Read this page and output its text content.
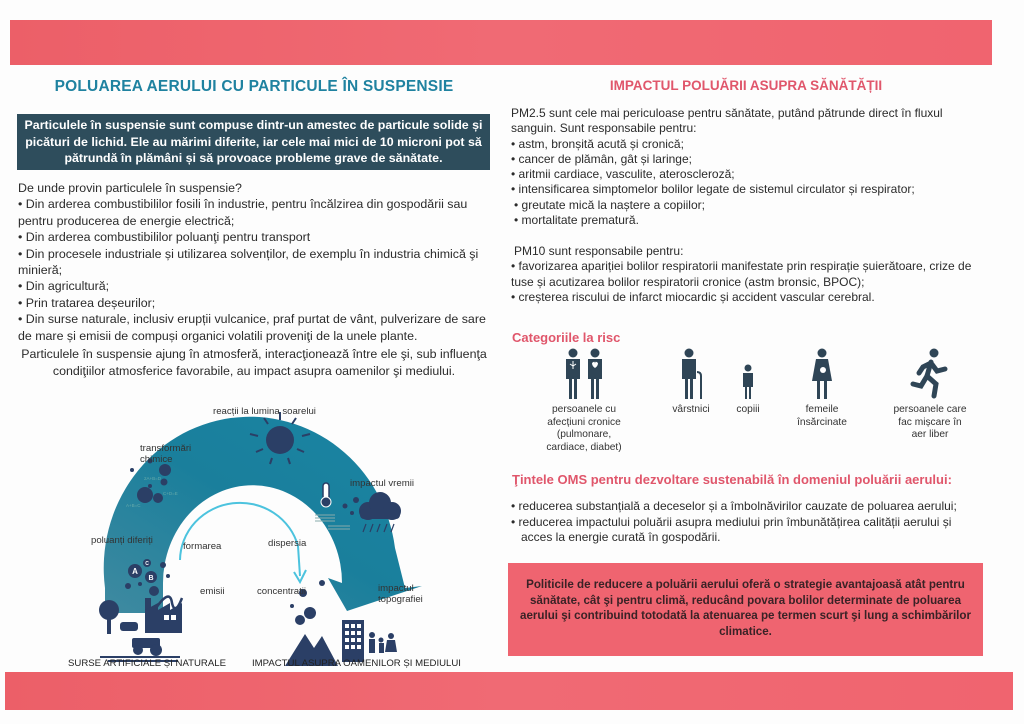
POLUAREA AERULUI CU PARTICULE ÎN SUSPENSIE
Particulele în suspensie sunt compuse dintr-un amestec de particule solide și picături de lichid. Ele au mărimi diferite, iar cele mai mici de 10 microni pot să pătrundă în plămâni și să provoace probleme grave de sănătate.

De unde provin particulele în suspensie?

• Din arderea combustibililor fosili în industrie, pentru încălzirea din gospodării sau pentru producerea de energie electrică;

• Din arderea combustibililor poluanţi pentru transport

• Din procesele industriale și utilizarea solvenților, de exemplu în industria chimică şi minieră;

• Din agricultură;

• Prin tratarea deșeurilor;

• Din surse naturale, inclusiv erupții vulcanice, praf purtat de vânt, pulverizare de sare de mare și emisii de compuși organici volatili proveniţi de la unele plante.

Particulele în suspensie ajung în atmosferă, interacţionează între ele şi, sub influenţa condiţiilor atmosferice favorabile, au impact asupra oamenilor şi mediului.
2A+B=D
C+D=E
A+B=C
A
B
C
reacții la lumina soarelui
transformări chimice
impactul vremii
poluanți diferiți
formarea	dispersia
emisii	concentrații	impactul topografiei
SURSE ARTIFICIALE ȘI NATURALE	IMPACTUL ASUPRA OAMENILOR ȘI MEDIULUI
IMPACTUL POLUĂRII ASUPRA SĂNĂTĂȚII

PM2.5 sunt cele mai periculoase pentru sănătate, putând pătrunde direct în fluxul sanguin. Sunt responsabile pentru:

• astm, bronșită acută și cronică;

• cancer de plămân, gât și laringe;

• aritmii cardiace, vasculite, ateroscleroză;

• intensificarea simptomelor bolilor legate de sistemul circulator și respirator;

• greutate mică la naștere a copiilor;

• mortalitate prematură.

PM10 sunt responsabile pentru:

• favorizarea apariției bolilor respiratorii manifestate prin respirație șuierătoare, crize de tuse și acutizarea bolilor respiratorii cronice (astm bronsic, BPOC);

• creșterea riscului de infarct miocardic și accident vascular cerebral.

Categoriile la risc
persoanele cu afecțiuni cronice (pulmonare, cardiace, diabet)
vârstnici	copiii	femeile însărcinate
persoanele care fac mișcare în aer liber
Ţintele OMS pentru dezvoltare sustenabilă în domeniul poluării aerului:

• reducerea substanțială a deceselor și a îmbolnăvirilor cauzate de poluarea aerului;

• reducerea impactului poluării asupra mediului prin îmbunătățirea calității aerului și

acces la energie curată în gospodării.

Politicile de reducere a poluării aerului oferă o strategie avantajoasă atât pentru sănătate, cât şi pentru climă, reducând povara bolilor determinate de poluarea aerului şi contribuind totodată la atenuarea pe termen scurt şi lung a schimbărilor climatice.
